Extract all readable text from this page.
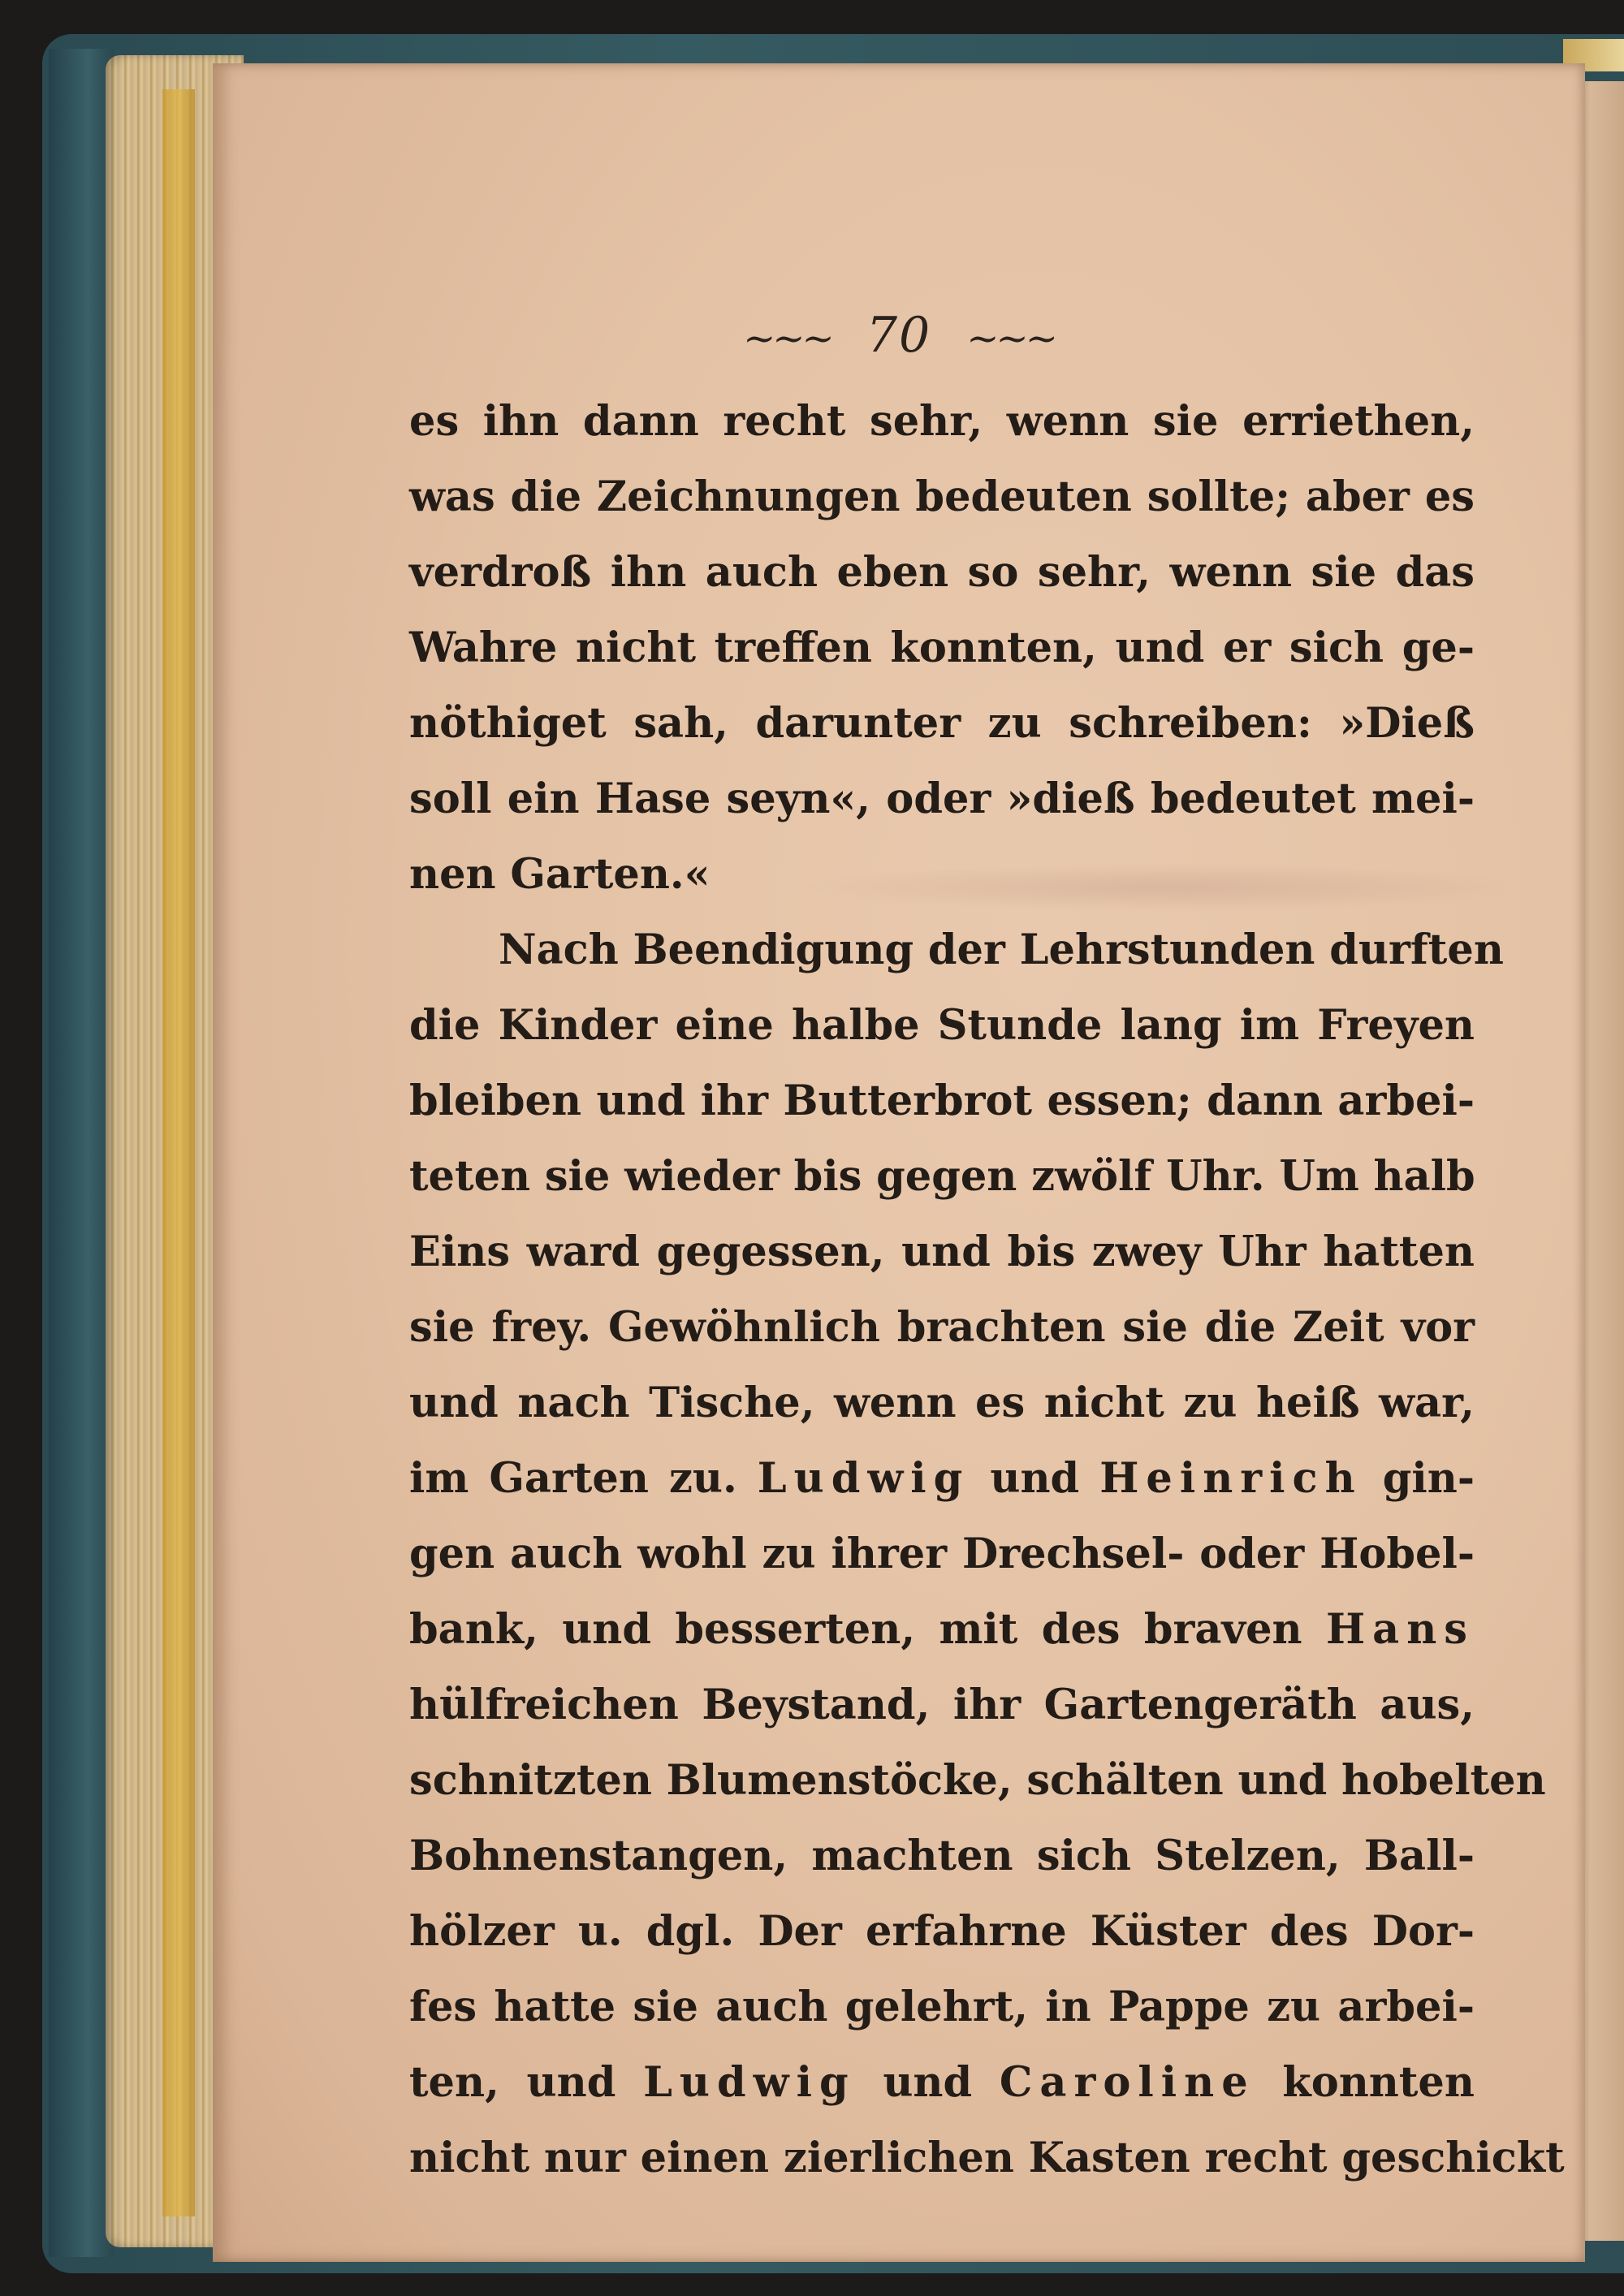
~~~ 70 ~~~
es ihn dann recht sehr, wenn sie erriethen,
was die Zeichnungen bedeuten sollte; aber es
verdroß ihn auch eben so sehr, wenn sie das
Wahre nicht treffen konnten, und er sich ge-
nöthiget sah, darunter zu schreiben: »Dieß
soll ein Hase seyn«, oder »dieß bedeutet mei-
nen Garten.«
Nach Beendigung der Lehrstunden durften
die Kinder eine halbe Stunde lang im Freyen
bleiben und ihr Butterbrot essen; dann arbei-
teten sie wieder bis gegen zwölf Uhr. Um halb
Eins ward gegessen, und bis zwey Uhr hatten
sie frey. Gewöhnlich brachten sie die Zeit vor
und nach Tische, wenn es nicht zu heiß war,
im Garten zu. Ludwig und Heinrich gin-
gen auch wohl zu ihrer Drechsel- oder Hobel-
bank, und besserten, mit des braven Hans
hülfreichen Beystand, ihr Gartengeräth aus,
schnitzten Blumenstöcke, schälten und hobelten
Bohnenstangen, machten sich Stelzen, Ball-
hölzer u. dgl. Der erfahrne Küster des Dor-
fes hatte sie auch gelehrt, in Pappe zu arbei-
ten, und Ludwig und Caroline konnten
nicht nur einen zierlichen Kasten recht geschickt
